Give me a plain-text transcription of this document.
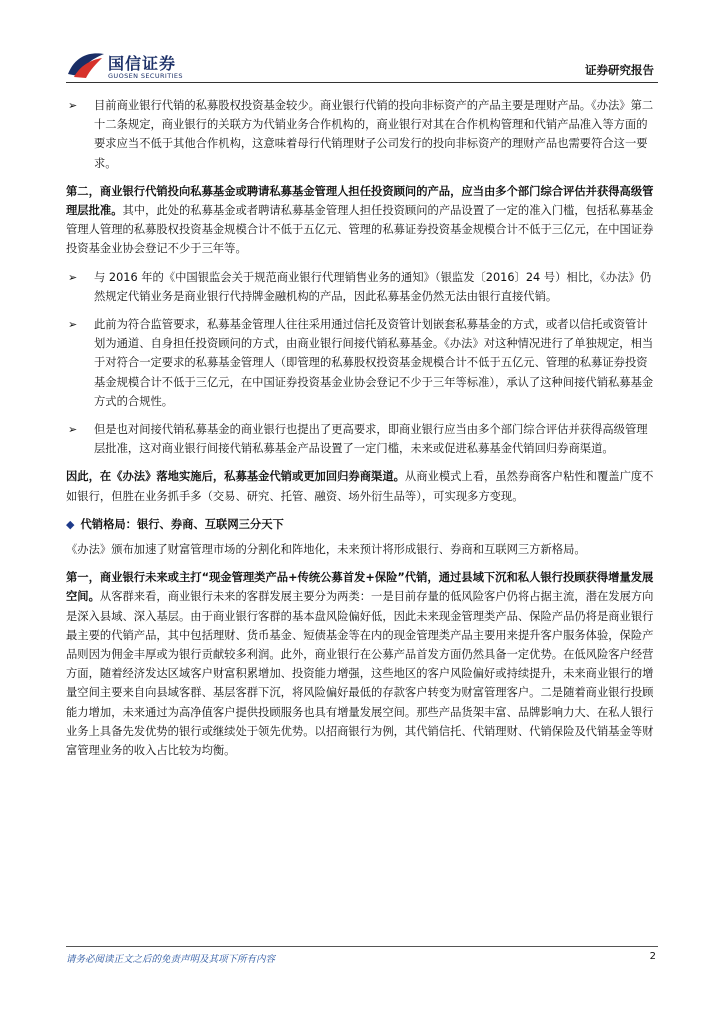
国信证券
GUOSEN SECURITIES	证券研究报告
➢ 目前商业银行代销的私募股权投资基金较少。商业银行代销的投向非标资产的产品主要是理财产品。《办法》第二十二条规定，商业银行的关联方为代销业务合作机构的，商业银行对其在合作机构管理和代销产品准入等方面的要求应当不低于其他合作机构，这意味着母行代销理财子公司发行的投向非标资产的理财产品也需要符合这一要求。

第二，商业银行代销投向私募基金或聘请私募基金管理人担任投资顾问的产品，应当由多个部门综合评估并获得高级管理层批准。其中，此处的私募基金或者聘请私募基金管理人担任投资顾问的产品设置了一定的准入门槛，包括私募基金管理人管理的私募股权投资基金规模合计不低于五亿元、管理的私募证券投资基金规模合计不低于三亿元，在中国证券投资基金业协会登记不少于三年等。

➢ 与 2016 年的《中国银监会关于规范商业银行代理销售业务的通知》（银监发〔2016〕24 号）相比，《办法》仍然规定代销业务是商业银行代持牌金融机构的产品，因此私募基金仍然无法由银行直接代销。
➢ 此前为符合监管要求，私募基金管理人往往采用通过信托及资管计划嵌套私募基金的方式，或者以信托或资管计划为通道、自身担任投资顾问的方式，由商业银行间接代销私募基金。《办法》对这种情况进行了单独规定，相当于对符合一定要求的私募基金管理人（即管理的私募股权投资基金规模合计不低于五亿元、管理的私募证券投资基金规模合计不低于三亿元，在中国证券投资基金业协会登记不少于三年等标准），承认了这种间接代销私募基金方式的合规性。
➢ 但是也对间接代销私募基金的商业银行也提出了更高要求，即商业银行应当由多个部门综合评估并获得高级管理层批准，这对商业银行间接代销私募基金产品设置了一定门槛，未来或促进私募基金代销回归券商渠道。

因此，在《办法》落地实施后，私募基金代销或更加回归券商渠道。从商业模式上看，虽然券商客户粘性和覆盖广度不如银行，但胜在业务抓手多（交易、研究、托管、融资、场外衍生品等），可实现多方变现。

◆ 代销格局：银行、券商、互联网三分天下

《办法》颁布加速了财富管理市场的分割化和阵地化，未来预计将形成银行、券商和互联网三方新格局。

第一，商业银行未来或主打“现金管理类产品+传统公募首发+保险”代销，通过县域下沉和私人银行投顾获得增量发展空间。从客群来看，商业银行未来的客群发展主要分为两类：一是目前存量的低风险客户仍将占据主流，潜在发展方向是深入县域、深入基层。由于商业银行客群的基本盘风险偏好低，因此未来现金管理类产品、保险产品仍将是商业银行最主要的代销产品，其中包括理财、货币基金、短债基金等在内的现金管理类产品主要用来提升客户服务体验，保险产品则因为佣金丰厚或为银行贡献较多利润。此外，商业银行在公募产品首发方面仍然具备一定优势。在低风险客户经营方面，随着经济发达区域客户财富积累增加、投资能力增强，这些地区的客户风险偏好或持续提升，未来商业银行的增量空间主要来自向县域客群、基层客群下沉，将风险偏好最低的存款客户转变为财富管理客户。二是随着商业银行投顾能力增加，未来通过为高净值客户提供投顾服务也具有增量发展空间。那些产品货架丰富、品牌影响力大、在私人银行业务上具备先发优势的银行或继续处于领先优势。以招商银行为例，其代销信托、代销理财、代销保险及代销基金等财富管理业务的收入占比较为均衡。

请务必阅读正文之后的免责声明及其项下所有内容	2
